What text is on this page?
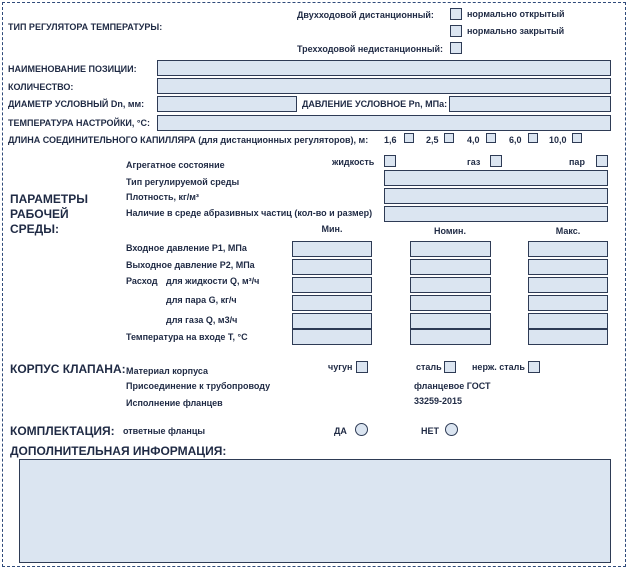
ТИП РЕГУЛЯТОРА ТЕМПЕРАТУРЫ:
Двухходовой дистанционный:	нормально открытый
нормально закрытый
Трехходовой недистанционный:
НАИМЕНОВАНИЕ ПОЗИЦИИ:
КОЛИЧЕСТВО:
ДИАМЕТР УСЛОВНЫЙ Dn, мм:	ДАВЛЕНИЕ УСЛОВНОЕ Pn, МПа:
ТЕМПЕРАТУРА НАСТРОЙКИ, °С:
ДЛИНА СОЕДИНИТЕЛЬНОГО КАПИЛЛЯРА (для дистанционных регуляторов), м: 1,6	2,5	4,0	6,0	10,0
ПАРАМЕТРЫ
РАБОЧЕЙ
СРЕДЫ:
Агрегатное состояние	жидкость	газ	пар
Тип регулируемой среды
Плотность, кг/м³
Наличие в среде абразивных частиц (кол-во и размер)
Мин.	Номин.	Макс.
Входное давление Р1, МПа
Выходное давление Р2, МПа
Расход для жидкости Q, м³/ч
для пара G, кг/ч
для газа Q, м3/ч
Температура на входе Т, °С
КОРПУС КЛАПАНА: Материал корпуса	чугун	сталь	нерж. сталь
Присоединение к трубопроводу	фланцевое ГОСТ
Исполнение фланцев	33259-2015
КОМПЛЕКТАЦИЯ: ответные фланцы	ДА	НЕТ
ДОПОЛНИТЕЛЬНАЯ ИНФОРМАЦИЯ:
